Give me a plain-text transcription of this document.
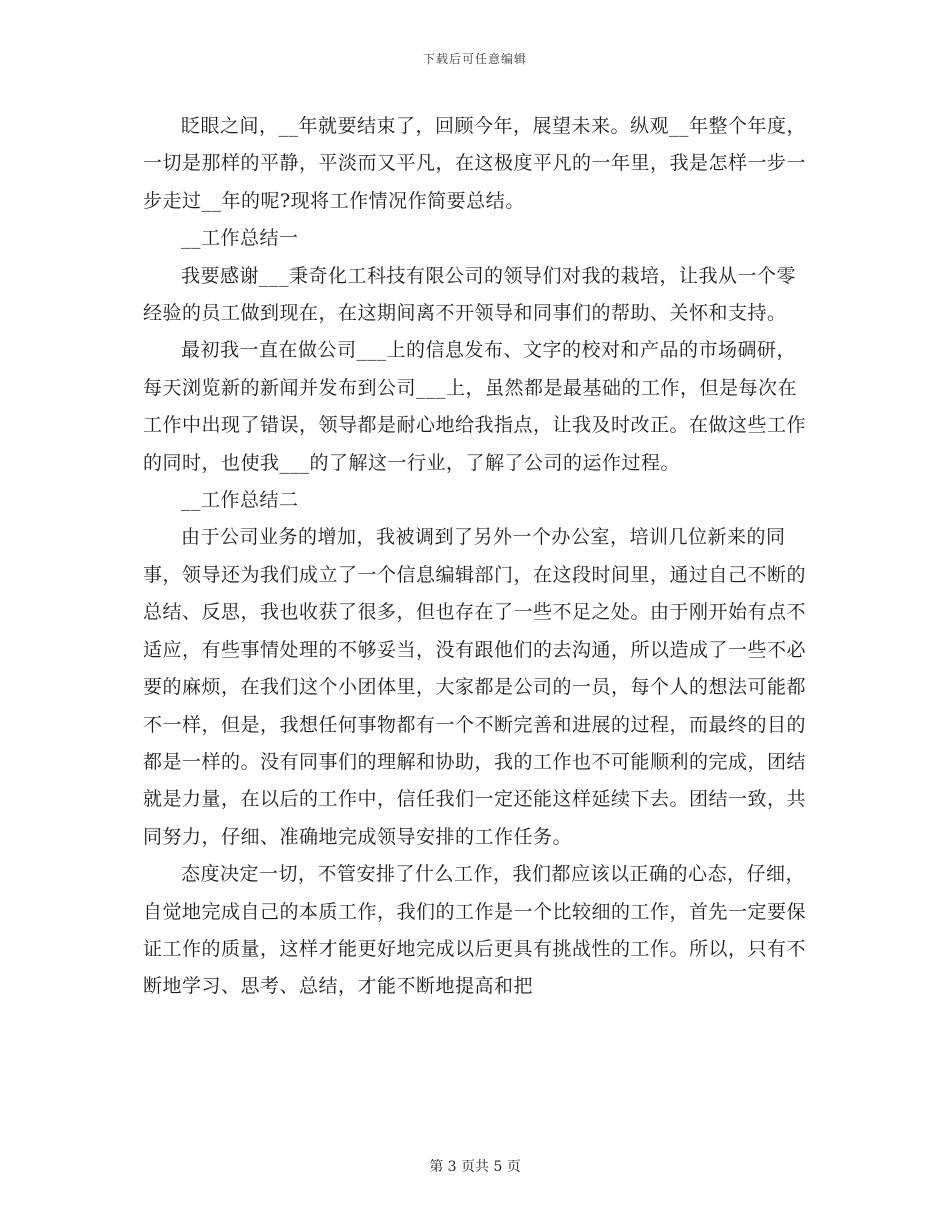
下载后可任意编辑

眨眼之间，__年就要结束了，回顾今年，展望未来。纵观__年整个年度，一切是那样的平静，平淡而又平凡，在这极度平凡的一年里，我是怎样一步一步走过__年的呢?现将工作情况作简要总结。

__工作总结一

我要感谢___秉奇化工科技有限公司的领导们对我的栽培，让我从一个零经验的员工做到现在，在这期间离不开领导和同事们的帮助、关怀和支持。

最初我一直在做公司___上的信息发布、文字的校对和产品的市场碉研，每天浏览新的新闻并发布到公司___上，虽然都是最基础的工作，但是每次在工作中出现了错误，领导都是耐心地给我指点，让我及时改正。在做这些工作的同时，也使我___的了解这一行业，了解了公司的运作过程。

__工作总结二

由于公司业务的增加，我被调到了另外一个办公室，培训几位新来的同事，领导还为我们成立了一个信息编辑部门，在这段时间里，通过自己不断的总结、反思，我也收获了很多，但也存在了一些不足之处。由于刚开始有点不适应，有些事情处理的不够妥当，没有跟他们的去沟通，所以造成了一些不必要的麻烦，在我们这个小团体里，大家都是公司的一员，每个人的想法可能都不一样，但是，我想任何事物都有一个不断完善和进展的过程，而最终的目的都是一样的。没有同事们的理解和协助，我的工作也不可能顺利的完成，团结就是力量，在以后的工作中，信任我们一定还能这样延续下去。团结一致，共同努力，仔细、准确地完成领导安排的工作任务。

态度决定一切，不管安排了什么工作，我们都应该以正确的心态，仔细，自觉地完成自己的本质工作，我们的工作是一个比较细的工作，首先一定要保证工作的质量，这样才能更好地完成以后更具有挑战性的工作。所以，只有不断地学习、思考、总结，才能不断地提高和把

第 3 页共 5 页
